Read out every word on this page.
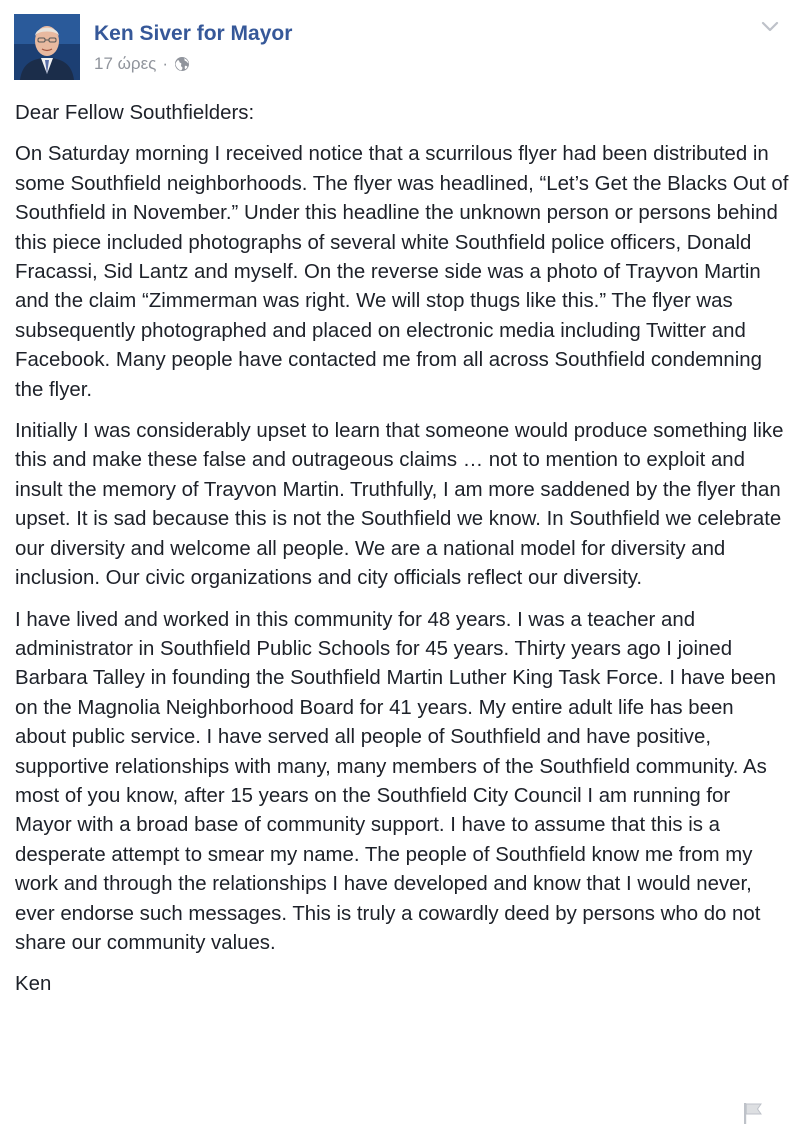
Ken Siver for Mayor
17 ώρες ·

Dear Fellow Southfielders:

On Saturday morning I received notice that a scurrilous flyer had been distributed in some Southfield neighborhoods. The flyer was headlined, “Let’s Get the Blacks Out of Southfield in November.” Under this headline the unknown person or persons behind this piece included photographs of several white Southfield police officers, Donald Fracassi, Sid Lantz and myself. On the reverse side was a photo of Trayvon Martin and the claim “Zimmerman was right. We will stop thugs like this.” The flyer was subsequently photographed and placed on electronic media including Twitter and Facebook. Many people have contacted me from all across Southfield condemning the flyer.

Initially I was considerably upset to learn that someone would produce something like this and make these false and outrageous claims … not to mention to exploit and insult the memory of Trayvon Martin. Truthfully, I am more saddened by the flyer than upset. It is sad because this is not the Southfield we know. In Southfield we celebrate our diversity and welcome all people. We are a national model for diversity and inclusion. Our civic organizations and city officials reflect our diversity.

I have lived and worked in this community for 48 years. I was a teacher and administrator in Southfield Public Schools for 45 years. Thirty years ago I joined Barbara Talley in founding the Southfield Martin Luther King Task Force. I have been on the Magnolia Neighborhood Board for 41 years. My entire adult life has been about public service. I have served all people of Southfield and have positive, supportive relationships with many, many members of the Southfield community. As most of you know, after 15 years on the Southfield City Council I am running for Mayor with a broad base of community support. I have to assume that this is a desperate attempt to smear my name. The people of Southfield know me from my work and through the relationships I have developed and know that I would never, ever endorse such messages. This is truly a cowardly deed by persons who do not share our community values.

Ken
